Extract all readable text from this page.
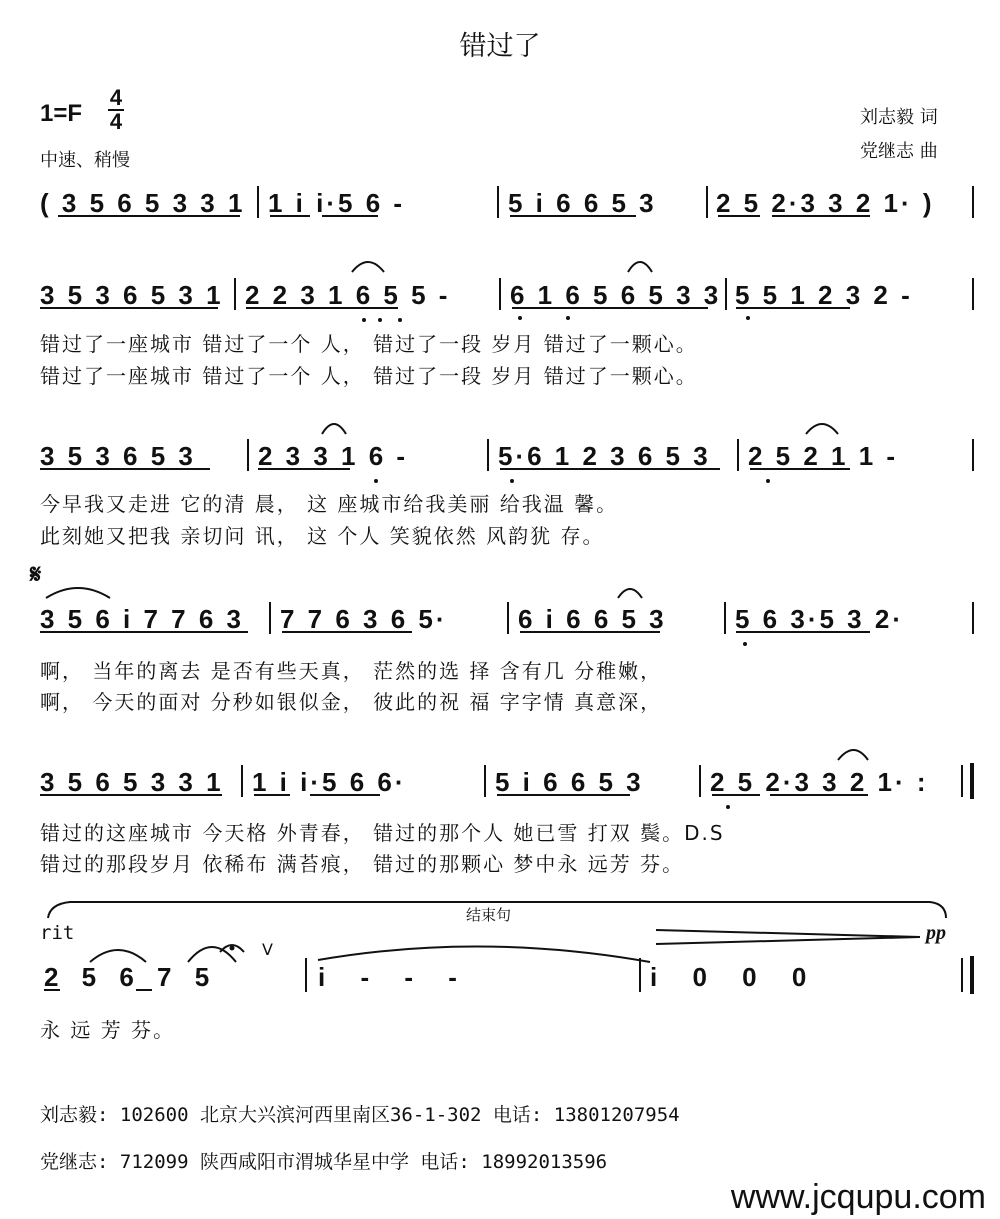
错过了
1=F
4
4
中速、稍慢
刘志毅 词
党继志 曲
( 3 5 6 5 3 3 1 1 i i·5 6 -	5 i 6 6 5 3 2 5 2·3 3 2 1· )
3 5 3 6 5 3 1 2 2 3 1 6 5 5 - 6 1 6 5 6 5 3 3 5 5 1 2 3 2 -
错过了一座城市 错过了一个 人， 错过了一段 岁月 错过了一颗心。
错过了一座城市 错过了一个 人， 错过了一段 岁月 错过了一颗心。
3 5 3 6 5 3 2 3 3 1 6 -	5·6 1 2 3 6 5 3 2 5 2 1 1 -
今早我又走进 它的清 晨， 这 座城市给我美丽 给我温 馨。
此刻她又把我 亲切问 讯， 这 个人 笑貌依然 风韵犹 存。
𝄋
3 5 6 i 7 7 6 3 7 7 6 3 6 5·	6 i 6 6 5 3	5 6 3·5 3 2·
啊， 当年的离去 是否有些天真， 茫然的选 择 含有几 分稚嫩，
啊， 今天的面对 分秒如银似金， 彼此的祝 福 字字情 真意深，
3 5 6 5 3 3 1 1 i i·5 6 6·	5 i 6 6 5 3	2 5 2·3 3 2 1· :
错过的这座城市 今天格 外青春， 错过的那个人 她已雪 打双 鬓。D.S
错过的那段岁月 依稀布 满苔痕， 错过的那颗心 梦中永 远芳 芬。
rit
结束句
pp
V
2 5 6 7 5	i - - -	i 0 0 0
永 远 芳 芬。
刘志毅: 102600 北京大兴滨河西里南区36-1-302 电话: 13801207954
党继志: 712099 陕西咸阳市渭城华星中学 电话: 18992013596
www.jcqupu.com
